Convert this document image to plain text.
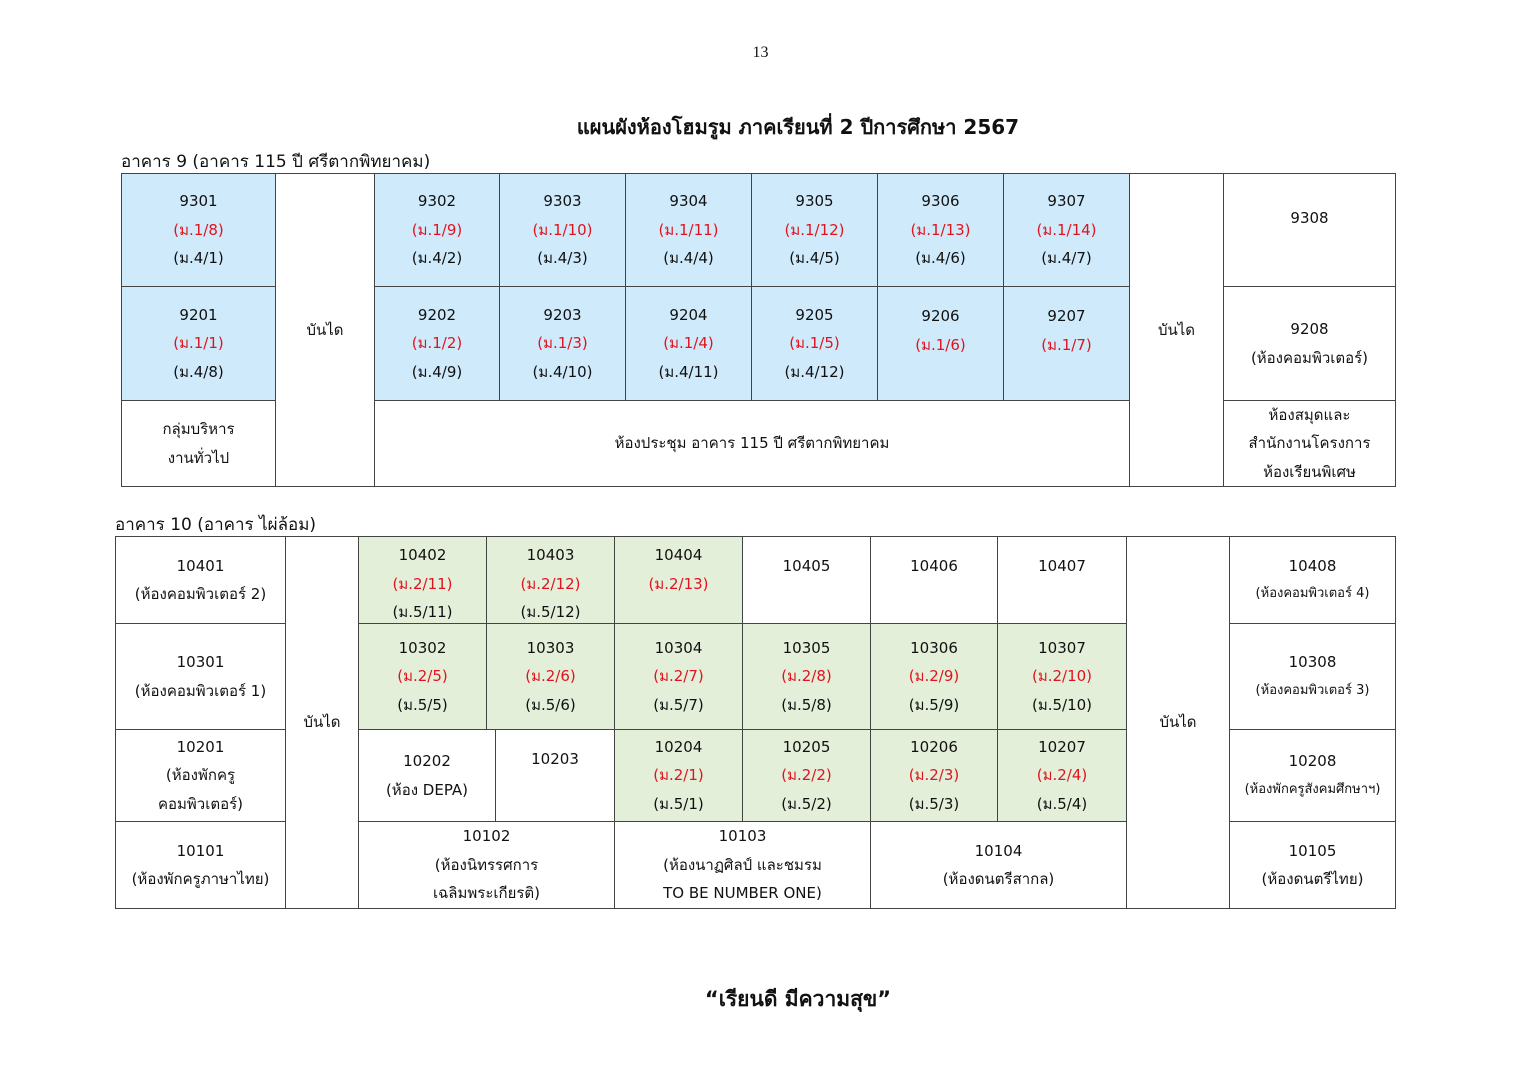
13
แผนผังห้องโฮมรูม ภาคเรียนที่ 2 ปีการศึกษา 2567
อาคาร 9 (อาคาร 115 ปี ศรีตากพิทยาคม)
9301
(ม.1/8)
(ม.4/1)
บันได
9302
(ม.1/9)
(ม.4/2)
9303
(ม.1/10)
(ม.4/3)
9304
(ม.1/11)
(ม.4/4)
9305
(ม.1/12)
(ม.4/5)
9306
(ม.1/13)
(ม.4/6)
9307
(ม.1/14)
(ม.4/7)
บันได
9308
9201
(ม.1/1)
(ม.4/8)
9202
(ม.1/2)
(ม.4/9)
9203
(ม.1/3)
(ม.4/10)
9204
(ม.1/4)
(ม.4/11)
9205
(ม.1/5)
(ม.4/12)
9206
(ม.1/6)
9207
(ม.1/7)
9208
(ห้องคอมพิวเตอร์)
กลุ่มบริหาร
งานทั่วไป
ห้องประชุม อาคาร 115 ปี ศรีตากพิทยาคม
ห้องสมุดและ
สำนักงานโครงการ
ห้องเรียนพิเศษ
อาคาร 10 (อาคาร ไผ่ล้อม)
10401
(ห้องคอมพิวเตอร์ 2)
บันได
10402
(ม.2/11)
(ม.5/11)
10403
(ม.2/12)
(ม.5/12)
10404
(ม.2/13)
10405	10406	10407
บันได
10408
(ห้องคอมพิวเตอร์ 4)
10301
(ห้องคอมพิวเตอร์ 1)
10302
(ม.2/5)
(ม.5/5)
10303
(ม.2/6)
(ม.5/6)
10304
(ม.2/7)
(ม.5/7)
10305
(ม.2/8)
(ม.5/8)
10306
(ม.2/9)
(ม.5/9)
10307
(ม.2/10)
(ม.5/10)
10308
(ห้องคอมพิวเตอร์ 3)
10201
(ห้องพักครู
คอมพิวเตอร์)
10202
(ห้อง DEPA)
10203
10204
(ม.2/1)
(ม.5/1)
10205
(ม.2/2)
(ม.5/2)
10206
(ม.2/3)
(ม.5/3)
10207
(ม.2/4)
(ม.5/4)
10208
(ห้องพักครูสังคมศึกษาฯ)
10101
(ห้องพักครูภาษาไทย)
10102
(ห้องนิทรรศการ
เฉลิมพระเกียรติ)
10103
(ห้องนาฏศิลป์ และชมรม
TO BE NUMBER ONE)
10104
(ห้องดนตรีสากล)
10105
(ห้องดนตรีไทย)
“เรียนดี มีความสุข”
